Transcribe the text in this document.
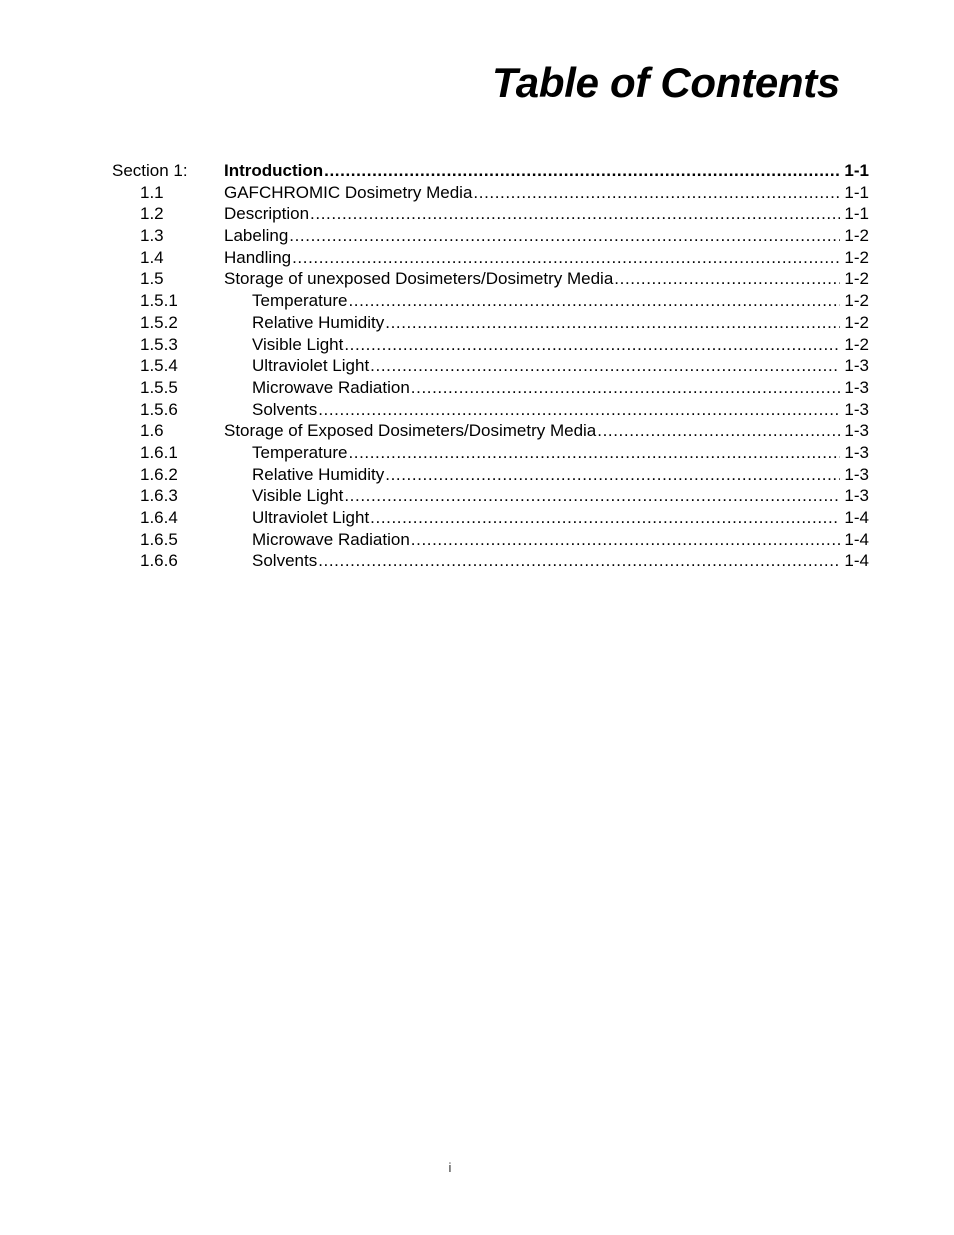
Table of Contents
Section 1: Introduction .....	1-1
1.1	GAFCHROMIC Dosimetry Media .....	1-1
1.2	Description .....	1-1
1.3	Labeling .....	1-2
1.4	Handling .....	1-2
1.5	Storage of unexposed Dosimeters/Dosimetry Media .....	1-2
1.5.1	Temperature .....	1-2
1.5.2	Relative Humidity .....	1-2
1.5.3	Visible Light .....	1-2
1.5.4	Ultraviolet Light .....	1-3
1.5.5	Microwave Radiation .....	1-3
1.5.6	Solvents .....	1-3
1.6	Storage of Exposed Dosimeters/Dosimetry Media .....	1-3
1.6.1	Temperature .....	1-3
1.6.2	Relative Humidity .....	1-3
1.6.3	Visible Light .....	1-3
1.6.4	Ultraviolet Light .....	1-4
1.6.5	Microwave Radiation .....	1-4
1.6.6	Solvents .....	1-4
i
